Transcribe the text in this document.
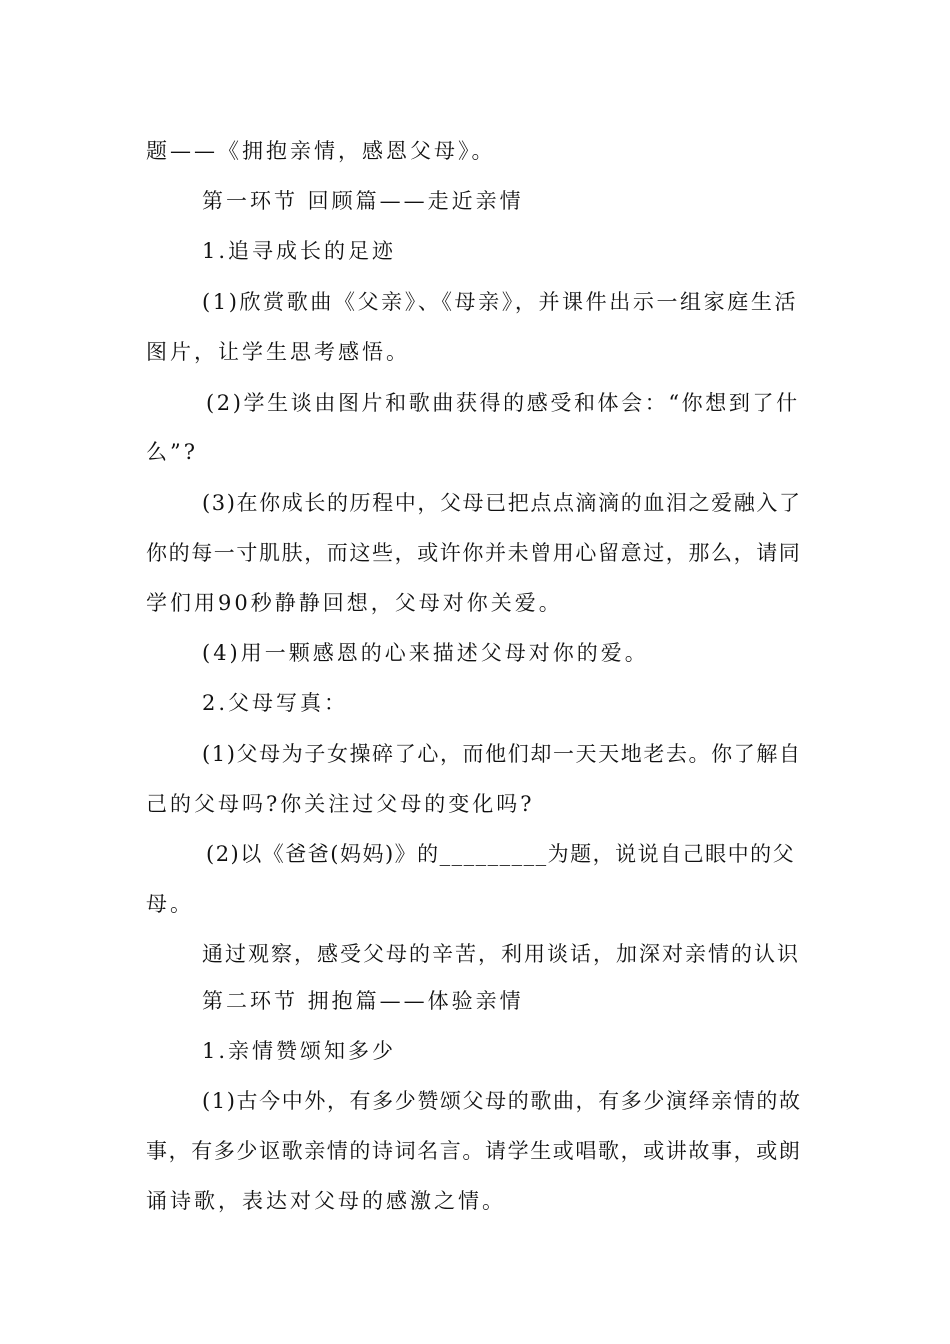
题——《拥抱亲情，感恩父母》。
第一环节 回顾篇——走近亲情
1.追寻成长的足迹
(1)欣赏歌曲《父亲》、《母亲》，并课件出示一组家庭生活
图片，让学生思考感悟。
(2)学生谈由图片和歌曲获得的感受和体会：“你想到了什
么”?
(3)在你成长的历程中，父母已把点点滴滴的血泪之爱融入了
你的每一寸肌肤，而这些，或许你并未曾用心留意过，那么，请同
学们用90秒静静回想，父母对你关爱。
(4)用一颗感恩的心来描述父母对你的爱。
2.父母写真：
(1)父母为子女操碎了心，而他们却一天天地老去。你了解自
己的父母吗?你关注过父母的变化吗?
(2)以《爸爸(妈妈)》的_________为题，说说自己眼中的父
母。
通过观察，感受父母的辛苦，利用谈话，加深对亲情的认识
第二环节 拥抱篇——体验亲情
1.亲情赞颂知多少
(1)古今中外，有多少赞颂父母的歌曲，有多少演绎亲情的故
事，有多少讴歌亲情的诗词名言。请学生或唱歌，或讲故事，或朗
诵诗歌，表达对父母的感激之情。
